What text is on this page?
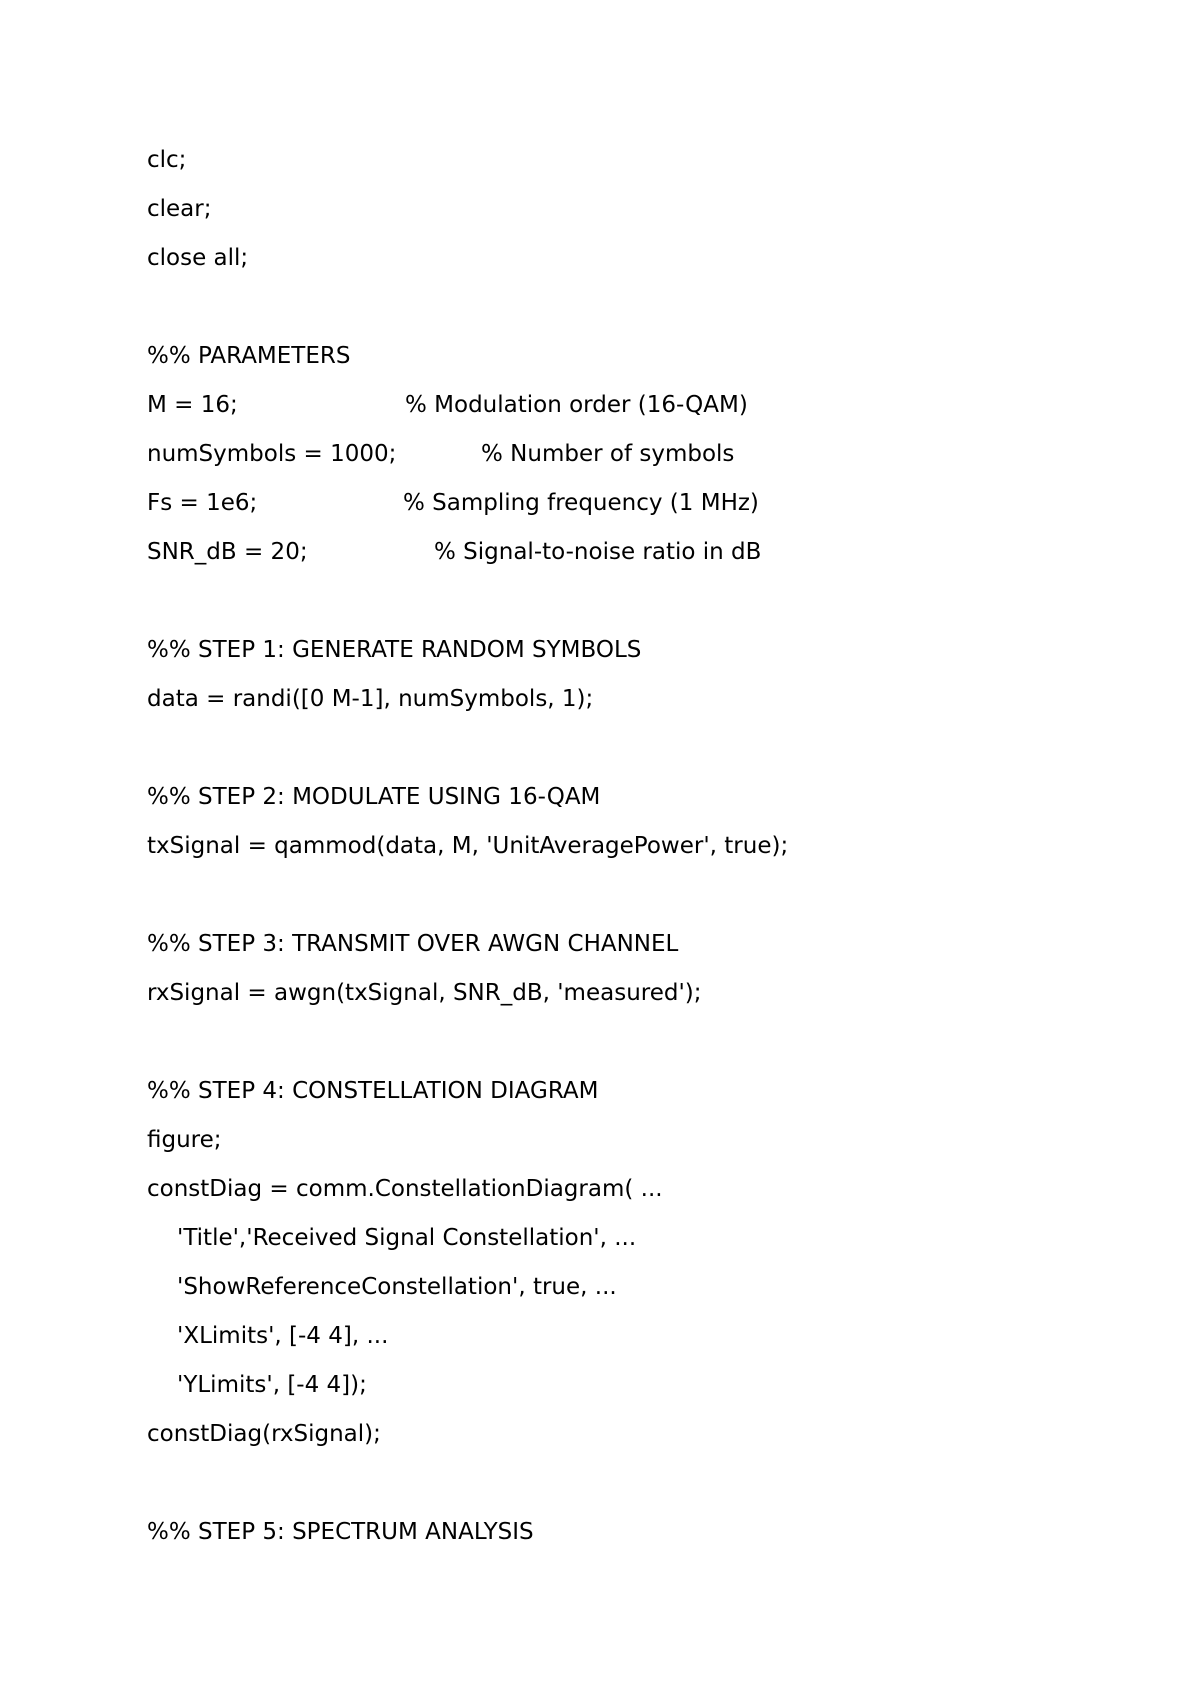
clc;
clear;
close all;
%% PARAMETERS
M = 16;	% Modulation order (16-QAM)
numSymbols = 1000;	% Number of symbols
Fs = 1e6;	% Sampling frequency (1 MHz)
SNR_dB = 20;	% Signal-to-noise ratio in dB
%% STEP 1: GENERATE RANDOM SYMBOLS
data = randi([0 M-1], numSymbols, 1);
%% STEP 2: MODULATE USING 16-QAM
txSignal = qammod(data, M, 'UnitAveragePower', true);
%% STEP 3: TRANSMIT OVER AWGN CHANNEL
rxSignal = awgn(txSignal, SNR_dB, 'measured');
%% STEP 4: CONSTELLATION DIAGRAM
figure;
constDiag = comm.ConstellationDiagram( ...
'Title','Received Signal Constellation', ...
'ShowReferenceConstellation', true, ...
'XLimits', [-4 4], ...
'YLimits', [-4 4]);
constDiag(rxSignal);
%% STEP 5: SPECTRUM ANALYSIS
